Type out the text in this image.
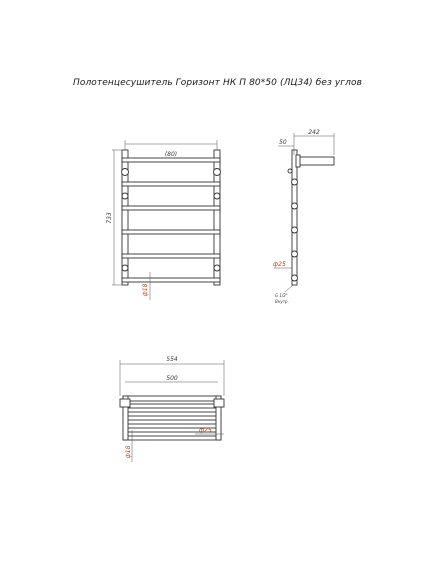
Полотенцесушитель Горизонт НК П 80*50 (ЛЦ34) без углов
(80)
733
ф18
242
50
ф25
G 1/2"
Внутр.
554
500
ф25
ф18
